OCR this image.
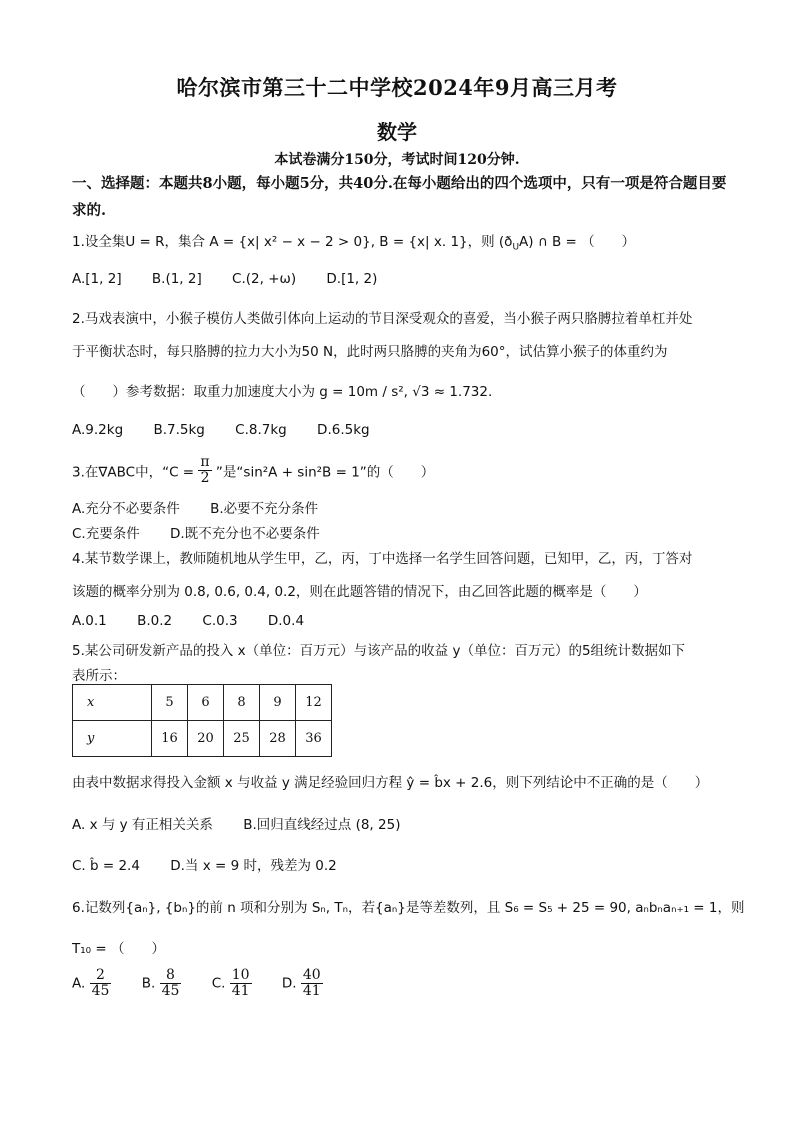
哈尔滨市第三十二中学校2024年9月高三月考
数学
本试卷满分150分，考试时间120分钟.
一、选择题：本题共8小题，每小题5分，共40分.在每小题给出的四个选项中，只有一项是符合题目要求的.
1.设全集U = R，集合 A = {x| x² − x − 2 > 0}, B = {x| x. 1}，则 $(ð_UA)$ ∩ B = （　　）
A.[1, 2] B.(1, 2] C.(2, +ω) D.[1, 2)
2.马戏表演中，小猴子模仿人类做引体向上运动的节目深受观众的喜爱，当小猴子两只胳膊拉着单杠并处
于平衡状态时，每只胳膊的拉力大小为50 N，此时两只胳膊的夹角为60°，试估算小猴子的体重约为
（　　）参考数据：取重力加速度大小为 g = 10m / s², √3 ≈ 1.732.
A.9.2kg B.7.5kg C.8.7kg D.6.5kg
3.在∇ABC中，“$C = \frac{\pi}{2}$ ”是“sin²A + sin²B = 1”的（　　）
A.充分不必要条件 B.必要不充分条件
C.充要条件 D.既不充分也不必要条件
4.某节数学课上，教师随机地从学生甲，乙，丙，丁中选择一名学生回答问题，已知甲，乙，丙，丁答对
该题的概率分别为 0.8, 0.6, 0.4, 0.2，则在此题答错的情况下，由乙回答此题的概率是（　　）
A.0.1 B.0.2 C.0.3 D.0.4
5.某公司研发新产品的投入 x（单位：百万元）与该产品的收益 y（单位：百万元）的5组统计数据如下
表所示：
x	5	6	8	9	12
y	16	20	25	28	36
由表中数据求得投入金额 x 与收益 y 满足经验回归方程 ŷ = b̂x + 2.6，则下列结论中不正确的是（　　）
A. x 与 y 有正相关关系 B.回归直线经过点 (8, 25)
C. b̂ = 2.4 D.当 x = 9 时，残差为 0.2
6.记数列{aₙ}, {bₙ}的前 n 项和分别为 Sₙ, Tₙ，若{aₙ}是等差数列，且 S₆ = S₅ + 25 = 90, aₙbₙaₙ₊₁ = 1，则
T₁₀ = （　　）
A. $\frac{2}{45} B$. $\frac{8}{45} C$. $\frac{10}{41} D$. $\frac{40}{41}$
